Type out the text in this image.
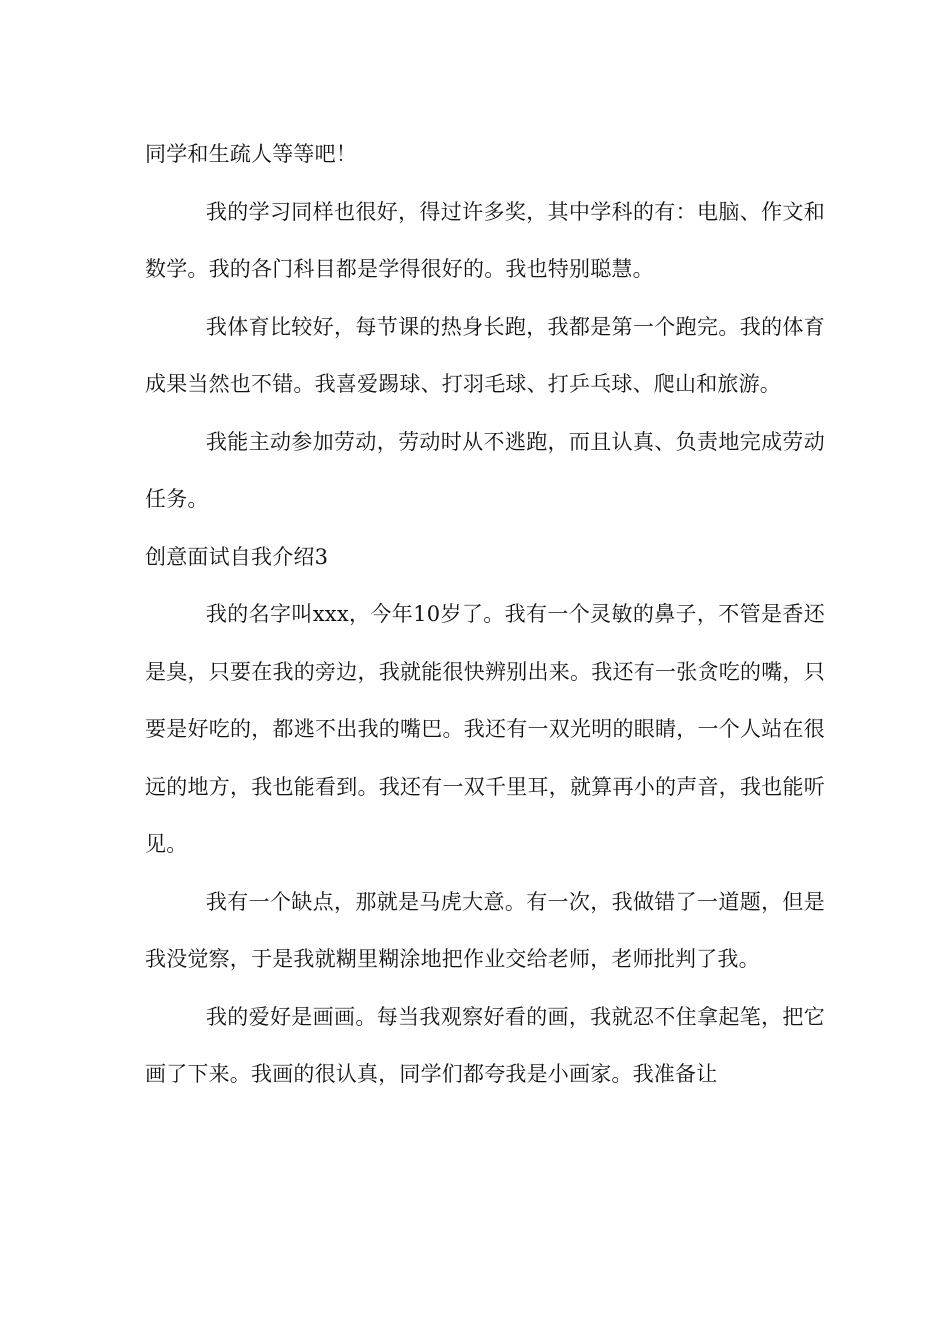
同学和生疏人等等吧！

我的学习同样也很好，得过许多奖，其中学科的有：电脑、作文和数学。我的各门科目都是学得很好的。我也特别聪慧。

我体育比较好，每节课的热身长跑，我都是第一个跑完。我的体育成果当然也不错。我喜爱踢球、打羽毛球、打乒乓球、爬山和旅游。

我能主动参加劳动，劳动时从不逃跑，而且认真、负责地完成劳动任务。

创意面试自我介绍3

我的名字叫xxx，今年10岁了。我有一个灵敏的鼻子，不管是香还是臭，只要在我的旁边，我就能很快辨别出来。我还有一张贪吃的嘴，只要是好吃的，都逃不出我的嘴巴。我还有一双光明的眼睛，一个人站在很远的地方，我也能看到。我还有一双千里耳，就算再小的声音，我也能听见。

我有一个缺点，那就是马虎大意。有一次，我做错了一道题，但是我没觉察，于是我就糊里糊涂地把作业交给老师，老师批判了我。

我的爱好是画画。每当我观察好看的画，我就忍不住拿起笔，把它画了下来。我画的很认真，同学们都夸我是小画家。我准备让
